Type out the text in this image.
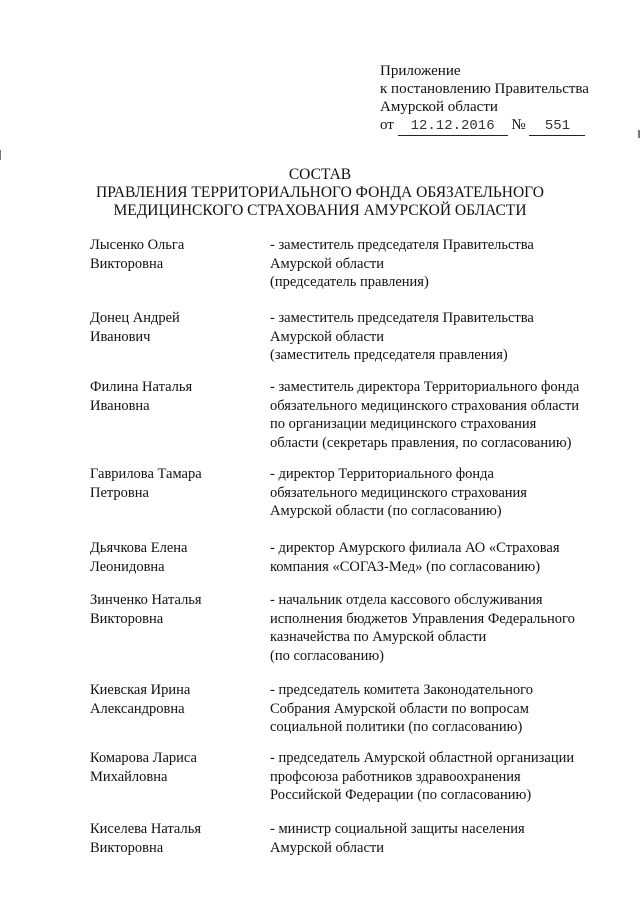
Приложение
к постановлению Правительства
Амурской области
от 12.12.2016 № 551
СОСТАВ
ПРАВЛЕНИЯ ТЕРРИТОРИАЛЬНОГО ФОНДА ОБЯЗАТЕЛЬНОГО
МЕДИЦИНСКОГО СТРАХОВАНИЯ АМУРСКОЙ ОБЛАСТИ
Лысенко Ольга
Викторовна
- заместитель председателя Правительства
Амурской области
(председатель правления)
Донец Андрей
Иванович
- заместитель председателя Правительства
Амурской области
(заместитель председателя правления)
Филина Наталья
Ивановна
- заместитель директора Территориального фонда
обязательного медицинского страхования области
по организации медицинского страхования
области (секретарь правления, по согласованию)
Гаврилова Тамара
Петровна
- директор Территориального фонда
обязательного медицинского страхования
Амурской области (по согласованию)
Дьячкова Елена
Леонидовна
- директор Амурского филиала АО «Страховая
компания «СОГАЗ-Мед» (по согласованию)
Зинченко Наталья
Викторовна
- начальник отдела кассового обслуживания
исполнения бюджетов Управления Федерального
казначейства по Амурской области
(по согласованию)
Киевская Ирина
Александровна
- председатель комитета Законодательного
Собрания Амурской области по вопросам
социальной политики (по согласованию)
Комарова Лариса
Михайловна
- председатель Амурской областной организации
профсоюза работников здравоохранения
Российской Федерации (по согласованию)
Киселева Наталья
Викторовна
- министр социальной защиты населения
Амурской области
